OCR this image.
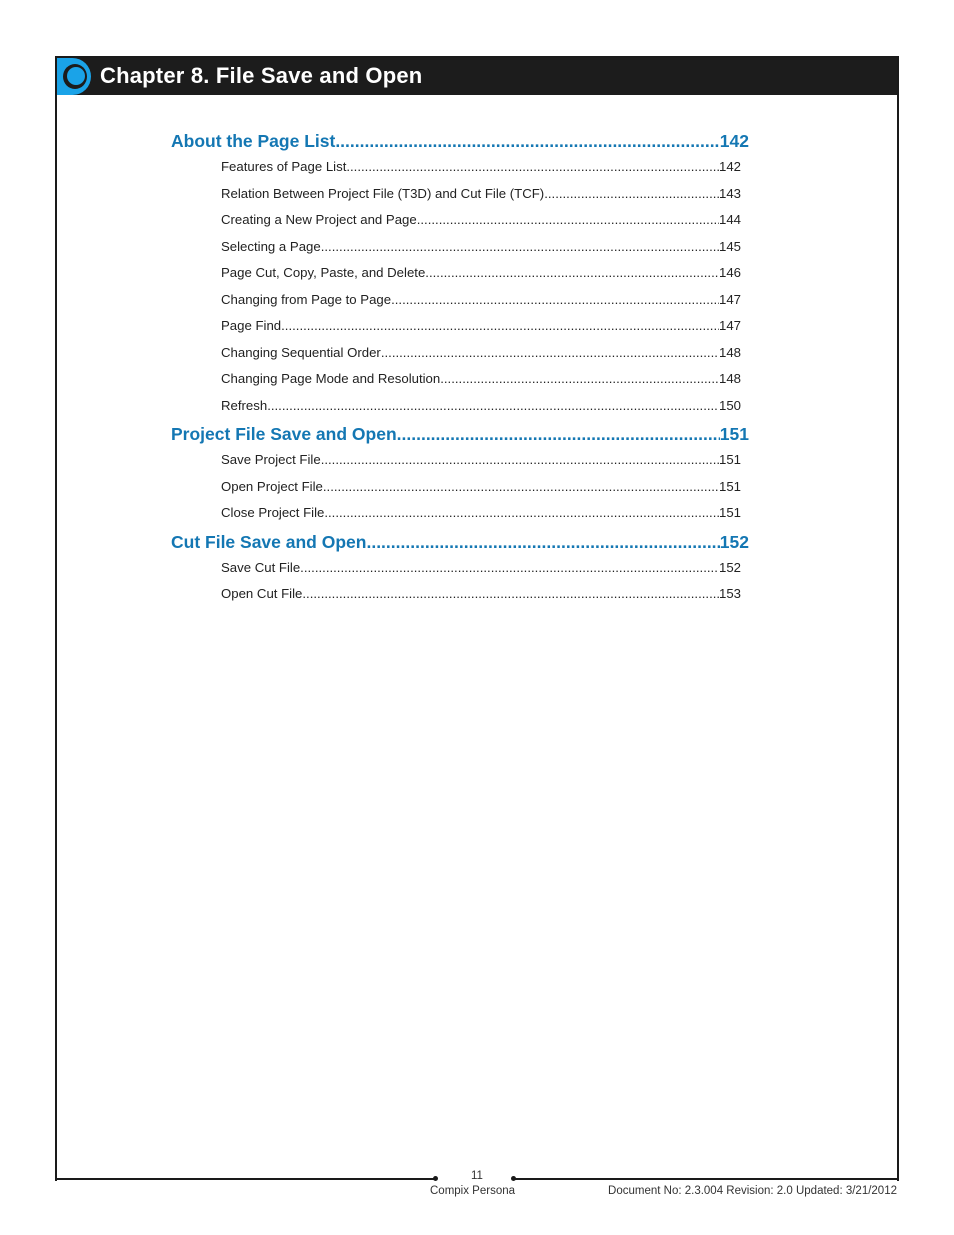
Chapter 8. File Save and Open
About the Page List .....	142
Features of Page List .....	142
Relation Between Project File (T3D) and Cut File (TCF) .....	143
Creating a New Project and Page .....	144
Selecting a Page .....	145
Page Cut, Copy, Paste, and Delete .....	146
Changing from Page to Page .....	147
Page Find .....	147
Changing Sequential Order .....	148
Changing Page Mode and Resolution .....	148
Refresh .....	150
Project File Save and Open .....	151
Save Project File .....	151
Open Project File .....	151
Close Project File .....	151
Cut File Save and Open .....	152
Save Cut File .....	152
Open Cut File .....	153
11
Compix Persona	Document No: 2.3.004 Revision: 2.0 Updated: 3/21/2012
